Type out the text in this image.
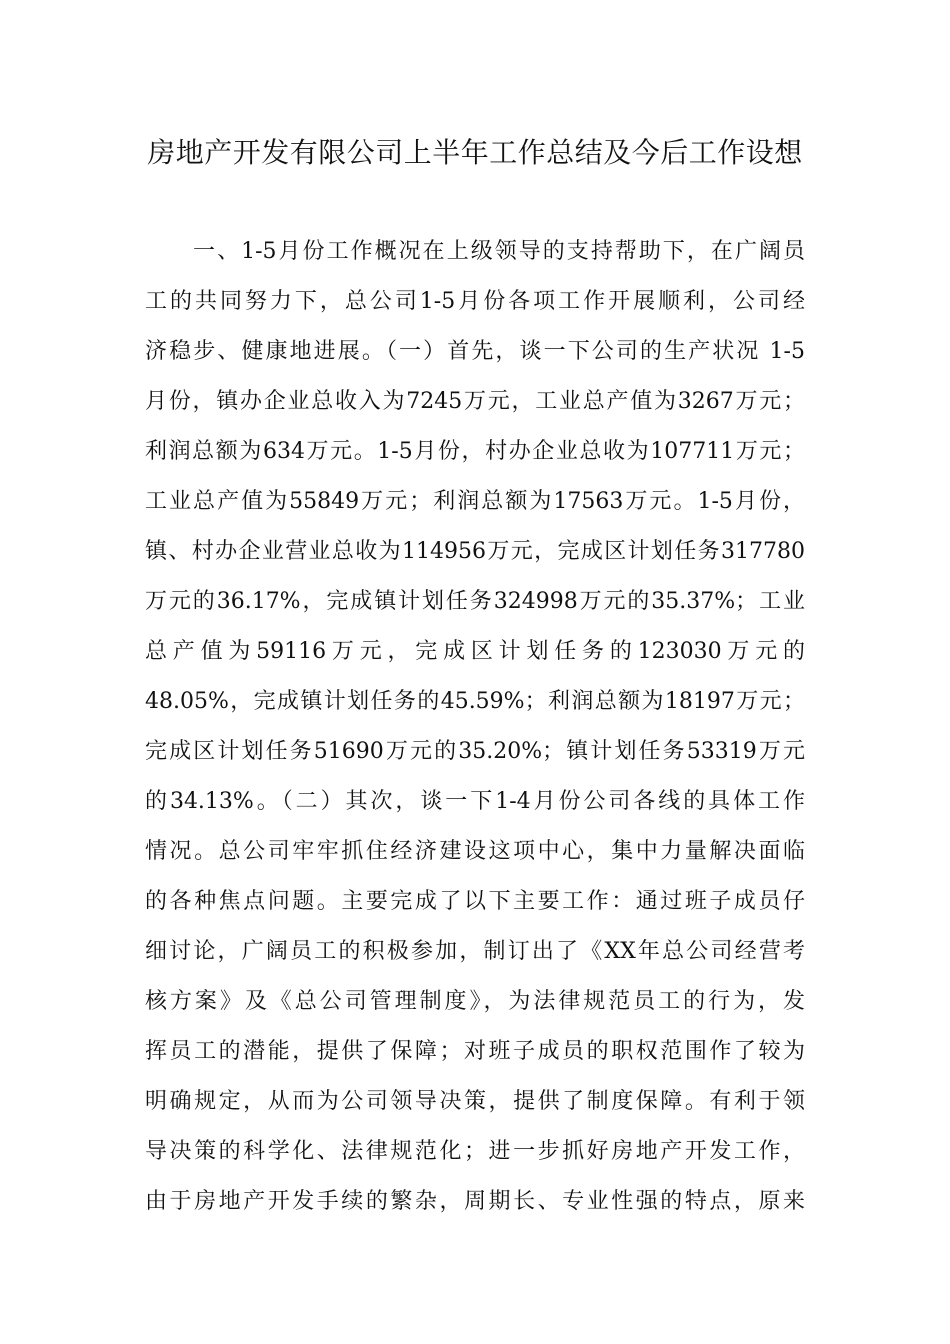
房地产开发有限公司上半年工作总结及今后工作设想
　　一、1-5月份工作概况在上级领导的支持帮助下，在广阔员
工的共同努力下，总公司1-5月份各项工作开展顺利，公司经
济稳步、健康地进展。（一）首先，谈一下公司的生产状况 1-5
月份，镇办企业总收入为7245万元，工业总产值为3267万元；
利润总额为634万元。1-5月份，村办企业总收为107711万元；
工业总产值为55849万元；利润总额为17563万元。1-5月份，
镇、村办企业营业总收为114956万元，完成区计划任务317780
万元的36.17%，完成镇计划任务324998万元的35.37%；工业
总产值为59116万元，完成区计划任务的123030万元的
48.05%，完成镇计划任务的45.59%；利润总额为18197万元；
完成区计划任务51690万元的35.20%；镇计划任务53319万元
的34.13%。（二）其次，谈一下1-4月份公司各线的具体工作
情况。总公司牢牢抓住经济建设这项中心，集中力量解决面临
的各种焦点问题。主要完成了以下主要工作：通过班子成员仔
细讨论，广阔员工的积极参加，制订出了《XX年总公司经营考
核方案》及《总公司管理制度》，为法律规范员工的行为，发
挥员工的潜能，提供了保障；对班子成员的职权范围作了较为
明确规定，从而为公司领导决策，提供了制度保障。有利于领
导决策的科学化、法律规范化；进一步抓好房地产开发工作，
由于房地产开发手续的繁杂，周期长、专业性强的特点，原来
